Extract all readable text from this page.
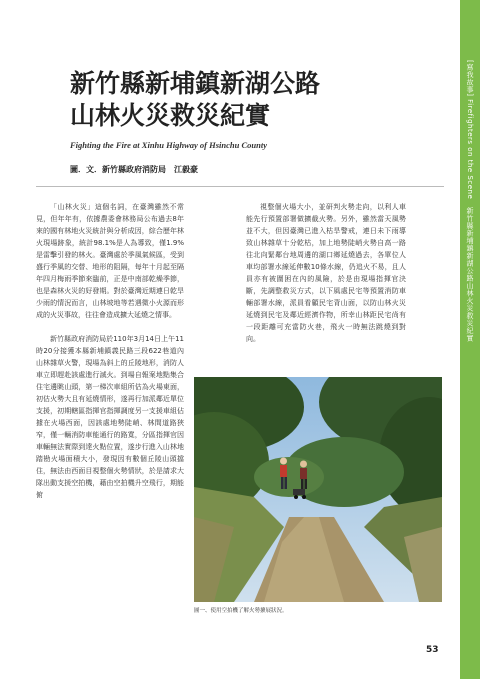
[寫我故事] Firefighters on the Scene　新竹縣新埔鎮新湖公路山林火災救災紀實
新竹縣新埔鎮新湖公路
山林火災救災紀實
Fighting the Fire at Xinhu Highway of Hsinchu County
圖．文．新竹縣政府消防局　江毅豪

「山林火災」這個名詞，在臺灣雖然不常見，但年年有，依據農委會林務局公布過去8年來的國有林地火災統計與分析成因，綜合歷年林火現場跡象，統計98.1%是人為導致，僅1.9%是雷擊引發的林火。臺灣處於季風氣候區，受到盛行季風的交替、地形的阻隔，每年十月起至隔年四月梅雨季節來臨前，正是中南部乾燥季節，也是森林火災的好發期。對於臺灣近期連日乾旱少雨的情況而言，山林坡地等若遇微小火源而形成的火災事故，往往會造成擴大延燒之情事。

新竹縣政府消防局於110年3月14日上午11時20分接獲本縣新埔鎮義民路三段622巷道內山林雜草火警，現場為斜上的丘陵地形，消防人車立即趕赴該處進行滅火。到場自報案地點集合住宅邊眺山頭，第一梯次車組所估為火場東面，初估火勢大且有延燒情形，遂再行加派鄰近單位支援，初期轄區指揮官指揮調度另一支援車組佔據在火場西面，因該處地勢陡峭、林間道路狹窄，僅一輛消防車能通行的路寬，分區指揮官因車輛無法實際到達火點位置，遂步行進入山林地踏勘火場面積大小，發現因有數個丘陵山頭擋住，無法由西面目視整個火勢情狀，於是請求大隊出動支援空拍機，藉由空拍機升空飛行，期能俯

視整個火場大小，並研判火勢走向，以利人車能先行預置部署做擴截火勢。另外，雖然當天風勢並不大，但因臺灣已進入枯旱警戒，連日未下雨導致山林雜草十分乾枯，加上地勢陡峭火勢自高一路往北向緊鄰台地周邊的湖口鄉延燒過去，各單位人車均部署水線延伸數10條水線，仍追火不易，且人員亦有被圍困在內的風險，於是由現場指揮官決斷，先調整救災方式，以下風處民宅等預置消防車輛部署水線，派員看顧民宅背山面，以防山林火災延燒到民宅及鄰近經濟作物，所幸山林距民宅尚有一段距離可充當防火巷，飛火一時無法跳燒到對向。

圖一、使用空拍機了解火勢擴展狀況。
53
